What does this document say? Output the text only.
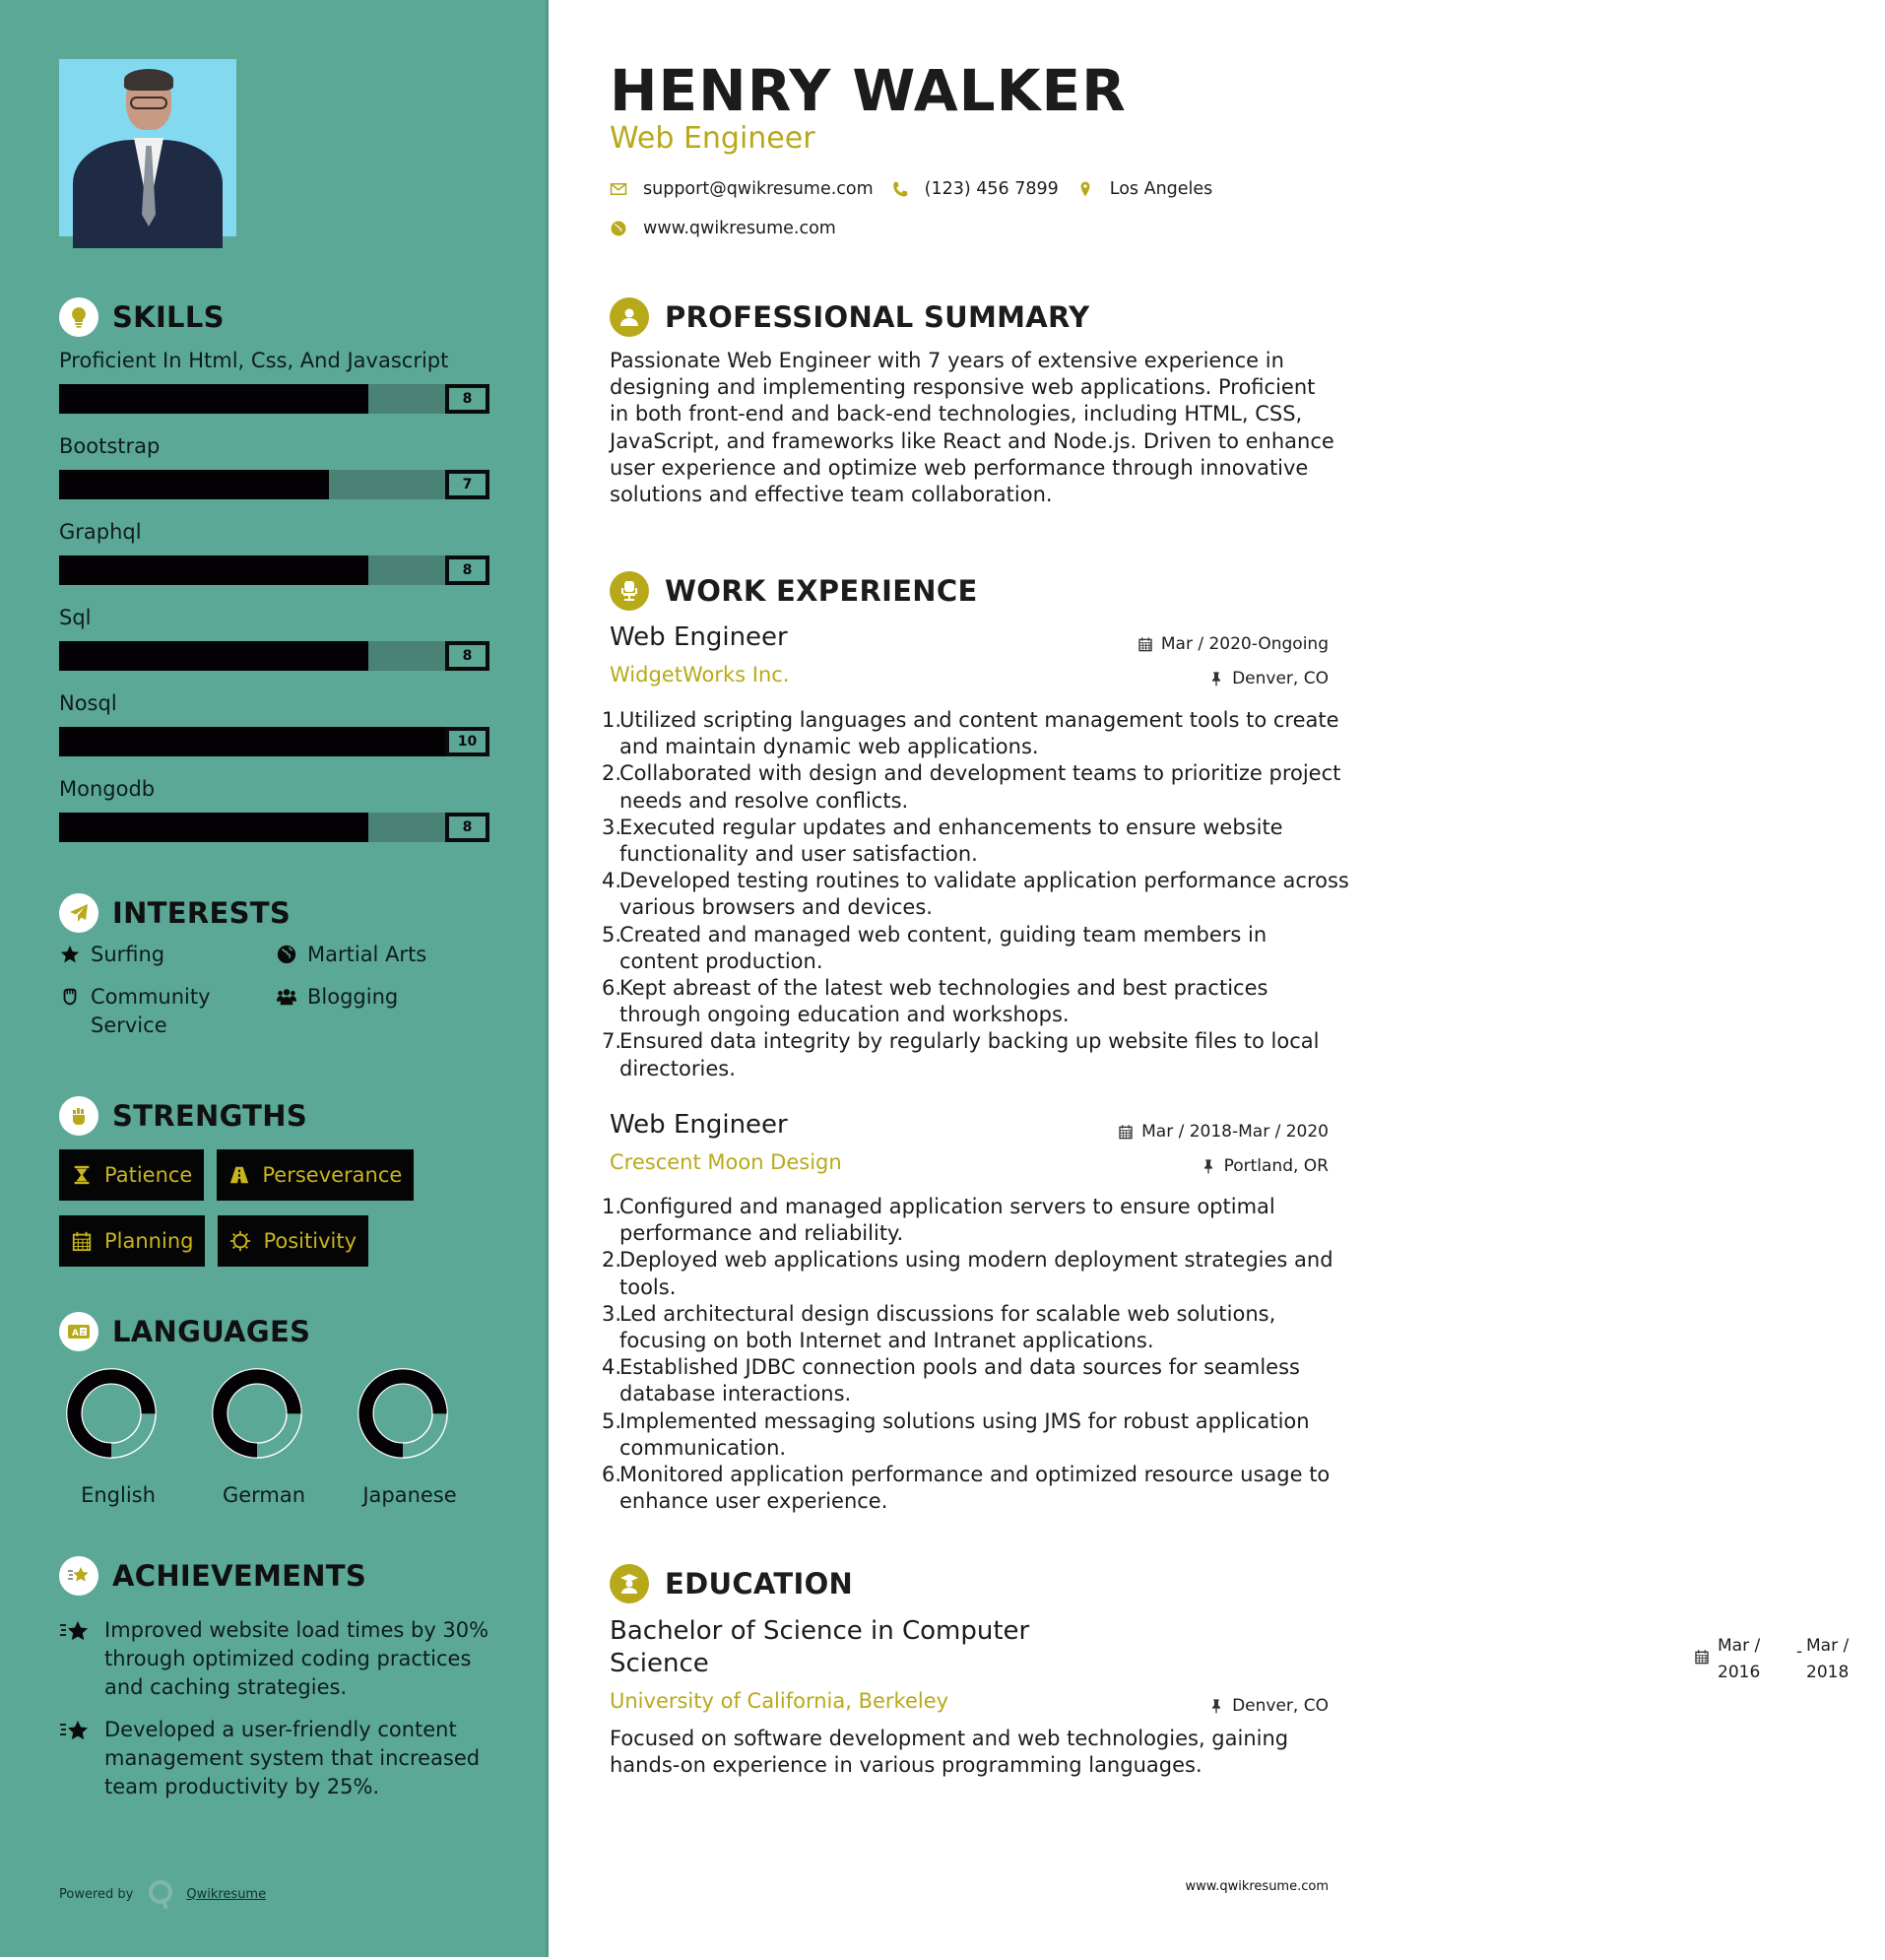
SKILLS
Proficient In Html, Css, And Javascript
8
Bootstrap
7
Graphql
8
Sql
8
Nosql
10
Mongodb
8
INTERESTS
Surfing	Martial Arts
Community Service
Blogging
STRENGTHS
Patience	Perseverance
Planning	Positivity
A Z LANGUAGES
English	German	Japanese
ACHIEVEMENTS
Improved website load times by 30% through optimized coding practices and caching strategies.
Developed a user-friendly content management system that increased team productivity by 25%.
Powered by	Qwikresume
HENRY WALKER
Web Engineer
support@qwikresume.com	(123) 456 7899	Los Angeles
www.qwikresume.com
PROFESSIONAL SUMMARY

Passionate Web Engineer with 7 years of extensive experience in designing and implementing responsive web applications. Proficient in both front-end and back-end technologies, including HTML, CSS, JavaScript, and frameworks like React and Node.js. Driven to enhance user experience and optimize web performance through innovative solutions and effective team collaboration.

WORK EXPERIENCE
Web Engineer	Mar / 2020-Ongoing
WidgetWorks Inc.	Denver, CO
1.
Utilized scripting languages and content management tools to create and maintain dynamic web applications.
2.
Collaborated with design and development teams to prioritize project needs and resolve conflicts.
3.
Executed regular updates and enhancements to ensure website functionality and user satisfaction.
4.
Developed testing routines to validate application performance across various browsers and devices.
5.
Created and managed web content, guiding team members in content production.
6.
Kept abreast of the latest web technologies and best practices through ongoing education and workshops.
7.
Ensured data integrity by regularly backing up website files to local directories.
Web Engineer	Mar / 2018-Mar / 2020
Crescent Moon Design	Portland, OR
1.
Configured and managed application servers to ensure optimal performance and reliability.
2.
Deployed web applications using modern deployment strategies and tools.
3.
Led architectural design discussions for scalable web solutions, focusing on both Internet and Intranet applications.
4.
Established JDBC connection pools and data sources for seamless database interactions.
5.
Implemented messaging solutions using JMS for robust application communication.
6.
Monitored application performance and optimized resource usage to enhance user experience.
EDUCATION
Bachelor of Science in Computer Science
Mar /
2016
- Mar /
2018
University of California, Berkeley	Denver, CO

Focused on software development and web technologies, gaining hands-on experience in various programming languages.

www.qwikresume.com
